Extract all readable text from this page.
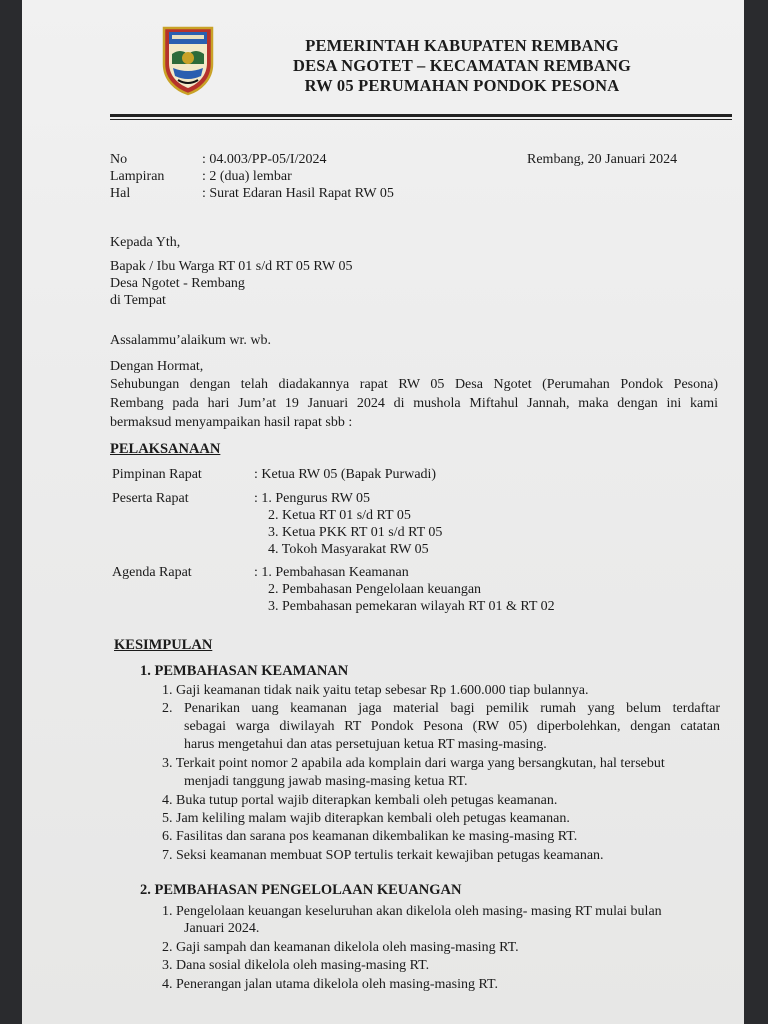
PEMERINTAH KABUPATEN REMBANG
DESA NGOTET – KECAMATAN REMBANG
RW 05 PERUMAHAN PONDOK PESONA
No	: 04.003/PP-05/I/2024	Rembang, 20 Januari 2024
Lampiran	: 2 (dua) lembar
Hal	: Surat Edaran Hasil Rapat RW 05
Kepada Yth,
Bapak / Ibu Warga RT 01 s/d RT 05 RW 05
Desa Ngotet - Rembang
di Tempat
Assalammu’alaikum wr. wb.
Dengan Hormat,
Sehubungan dengan telah diadakannya rapat RW 05 Desa Ngotet (Perumahan Pondok Pesona)
Rembang pada hari Jum’at 19 Januari 2024 di mushola Miftahul Jannah, maka dengan ini kami
bermaksud menyampaikan hasil rapat sbb :
PELAKSANAAN
Pimpinan Rapat	: Ketua RW 05 (Bapak Purwadi)
Peserta Rapat	: 1. Pengurus RW 05
2. Ketua RT 01 s/d RT 05
3. Ketua PKK RT 01 s/d RT 05
4. Tokoh Masyarakat RW 05
Agenda Rapat	: 1. Pembahasan Keamanan
2. Pembahasan Pengelolaan keuangan
3. Pembahasan pemekaran wilayah RT 01 & RT 02
KESIMPULAN
1. PEMBAHASAN KEAMANAN
1. Gaji keamanan tidak naik yaitu tetap sebesar Rp 1.600.000 tiap bulannya.
2. Penarikan uang keamanan jaga material bagi pemilik rumah yang belum terdaftar
sebagai warga diwilayah RT Pondok Pesona (RW 05) diperbolehkan, dengan catatan
harus mengetahui dan atas persetujuan ketua RT masing-masing.
3. Terkait point nomor 2 apabila ada komplain dari warga yang bersangkutan, hal tersebut
menjadi tanggung jawab masing-masing ketua RT.
4. Buka tutup portal wajib diterapkan kembali oleh petugas keamanan.
5. Jam keliling malam wajib diterapkan kembali oleh petugas keamanan.
6. Fasilitas dan sarana pos keamanan dikembalikan ke masing-masing RT.
7. Seksi keamanan membuat SOP tertulis terkait kewajiban petugas keamanan.
2. PEMBAHASAN PENGELOLAAN KEUANGAN
1. Pengelolaan keuangan keseluruhan akan dikelola oleh masing- masing RT mulai bulan
Januari 2024.
2. Gaji sampah dan keamanan dikelola oleh masing-masing RT.
3. Dana sosial dikelola oleh masing-masing RT.
4. Penerangan jalan utama dikelola oleh masing-masing RT.
